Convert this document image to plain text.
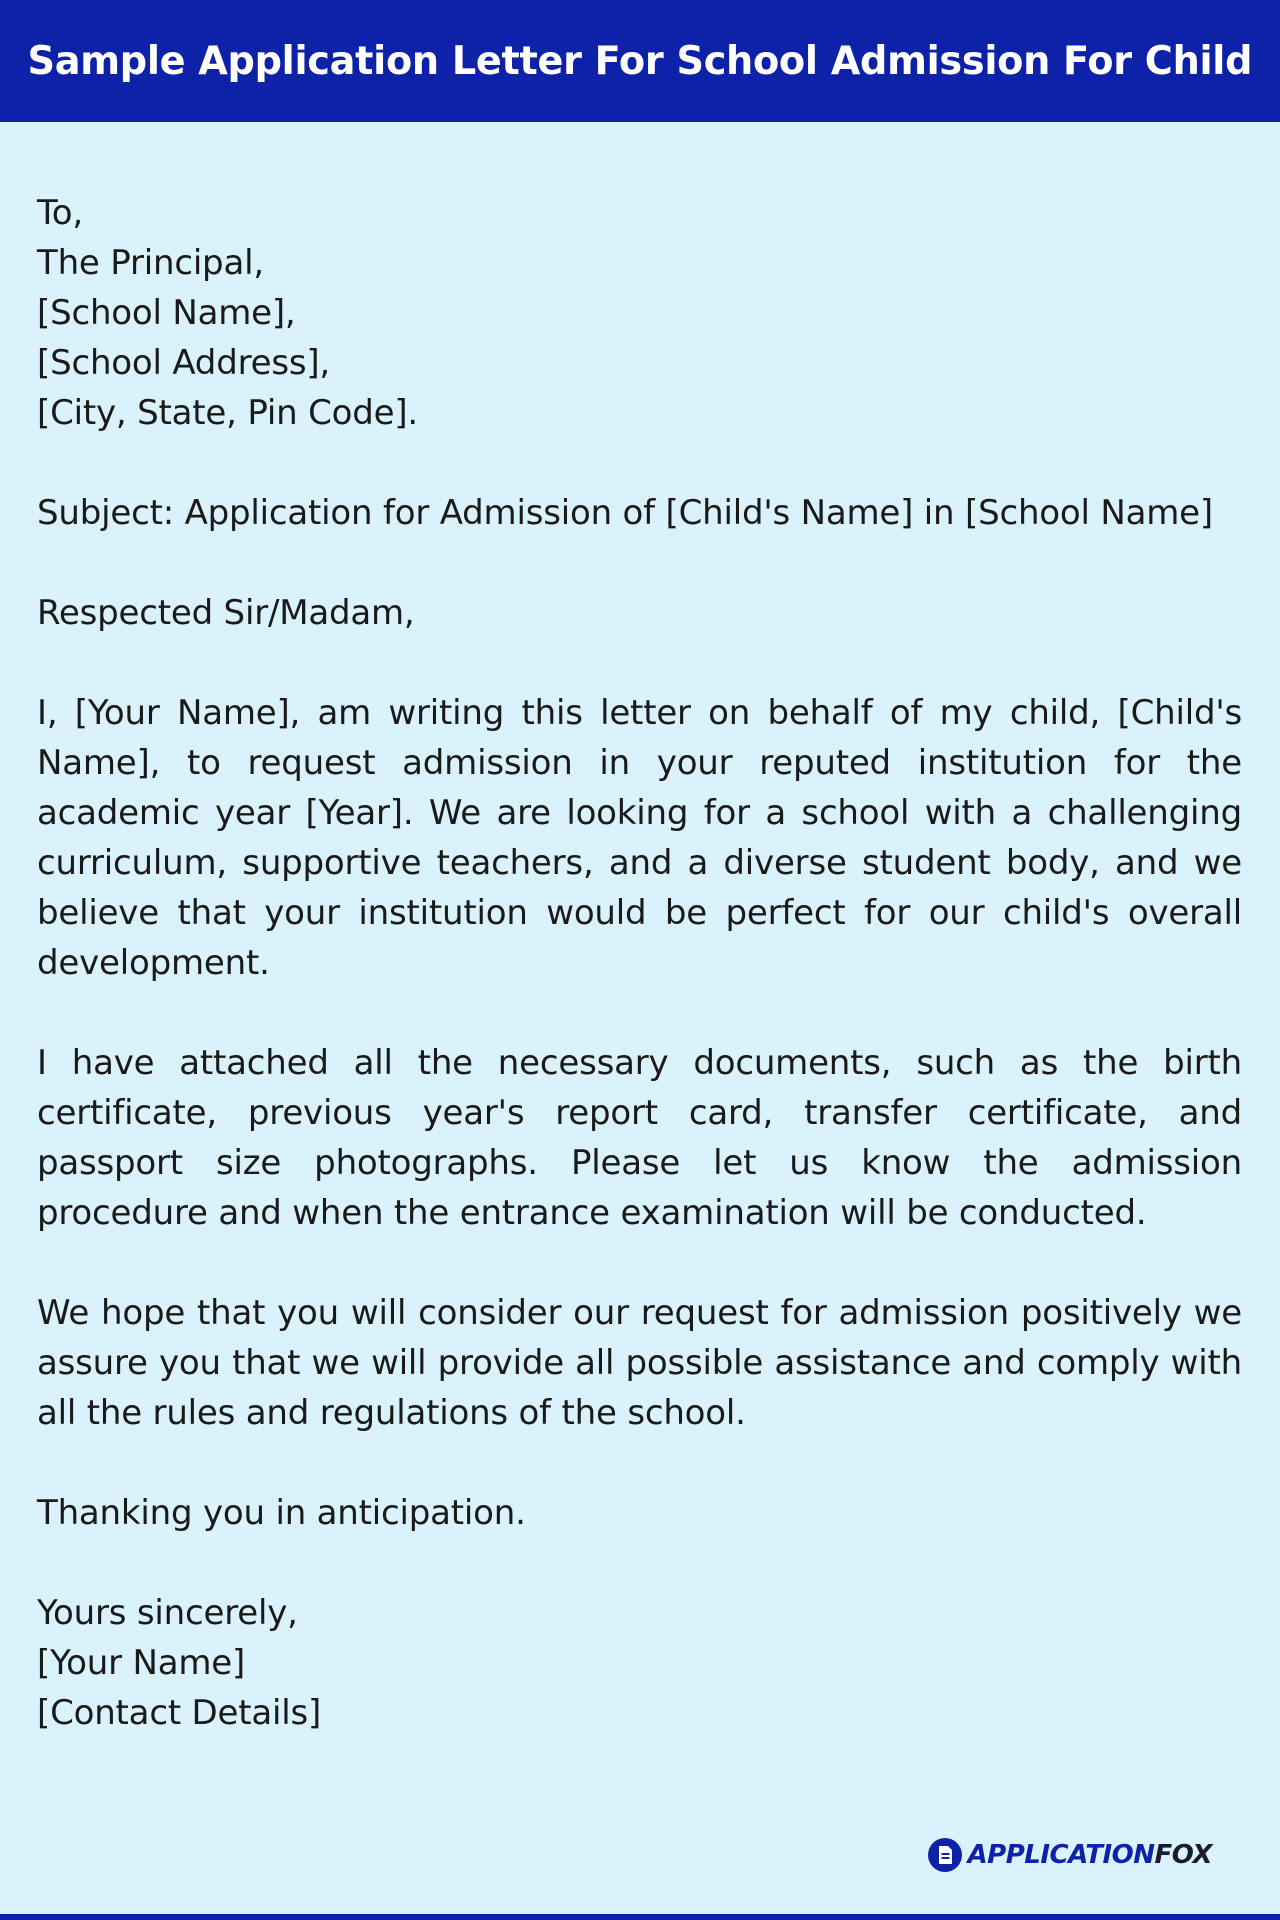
Sample Application Letter For School Admission For Child
To,
The Principal,
[School Name],
[School Address],
[City, State, Pin Code].
Subject: Application for Admission of [Child's Name] in [School Name]
Respected Sir/Madam,
I, [Your Name], am writing this letter on behalf of my child, [Child's Name], to request admission in your reputed institution for the academic year [Year]. We are looking for a school with a challenging curriculum, supportive teachers, and a diverse student body, and we believe that your institution would be perfect for our child's overall development.
I have attached all the necessary documents, such as the birth certificate, previous year's report card, transfer certificate, and passport size photographs. Please let us know the admission procedure and when the entrance examination will be conducted.
We hope that you will consider our request for admission positively we assure you that we will provide all possible assistance and comply with all the rules and regulations of the school.
Thanking you in anticipation.
Yours sincerely,
[Your Name]
[Contact Details]
APPLICATIONFOX
